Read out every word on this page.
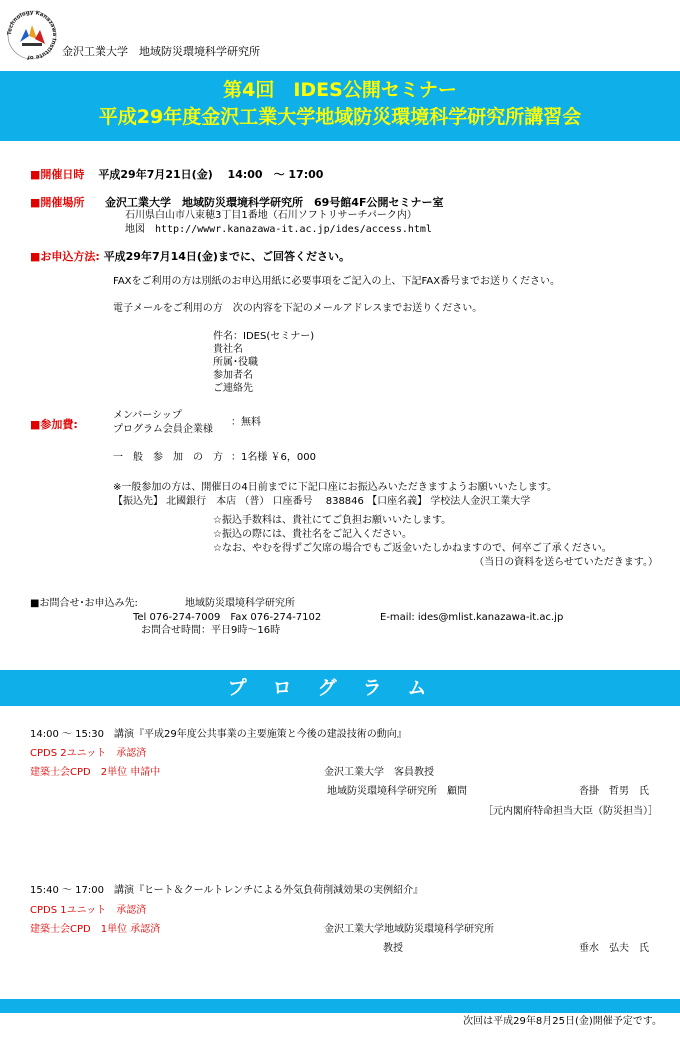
Technology Kanazawa Institute of	金沢工業大学　地域防災環境科学研究所
第4回　IDES公開セミナー
平成29年度金沢工業大学地域防災環境科学研究所講習会
■開催日時 平成29年7月21日(金)　 14:00　～ 17:00
■開催場所 金沢工業大学　地域防災環境科学研究所　69号館4F公開セミナー室
石川県白山市八束穂3丁目1番地（石川ソフトリサーチパーク内）
地図　 http://wwwr.kanazawa-it.ac.jp/ides/access.html
■お申込方法: 平成29年7月14日(金)までに、ご回答ください。
FAXをご利用の方は別紙のお申込用紙に必要事項をご記入の上、下記FAX番号までお送りください。
電子メールをご利用の方　次の内容を下記のメールアドレスまでお送りください。
件名：IDES(セミナー)
貴社名
所属･役職
参加者名
ご連絡先
■参加費:
メンバーシップ
プログラム会員企業様
：無料
一　般　参　加　の　方 ：1名様 ￥6，000
※一般参加の方は、開催日の4日前までに下記口座にお振込みいただきますようお願いいたします。
【振込先】 北國銀行　本店 （普） 口座番号　 838846 【口座名義】 学校法人金沢工業大学
☆振込手数料は、貴社にてご負担お願いいたします。
☆振込の際には、貴社名をご記入ください。
☆なお、やむを得ずご欠席の場合でもご返金いたしかねますので、何卒ご了承ください。
（当日の資料を送らせていただきます。）
■お問合せ･お申込み先:	地域防災環境科学研究所
Tel 076-274-7009　Fax 076-274-7102	E-mail: ides@mlist.kanazawa-it.ac.jp
お問合せ時間：平日9時～16時
プログラム
14:00 ～ 15:30　講演『平成29年度公共事業の主要施策と今後の建設技術の動向』
CPDS 2ユニット　承認済
建築士会CPD　2単位 申請中	金沢工業大学　客員教授
地域防災環境科学研究所　顧問	沓掛　哲男　氏
［元内閣府特命担当大臣（防災担当）］
15:40 ～ 17:00　講演『ヒート＆クールトレンチによる外気負荷削減効果の実例紹介』
CPDS 1ユニット　承認済
建築士会CPD　1単位 承認済	金沢工業大学地域防災環境科学研究所
教授	垂水　弘夫　氏
次回は平成29年8月25日(金)開催予定です。
